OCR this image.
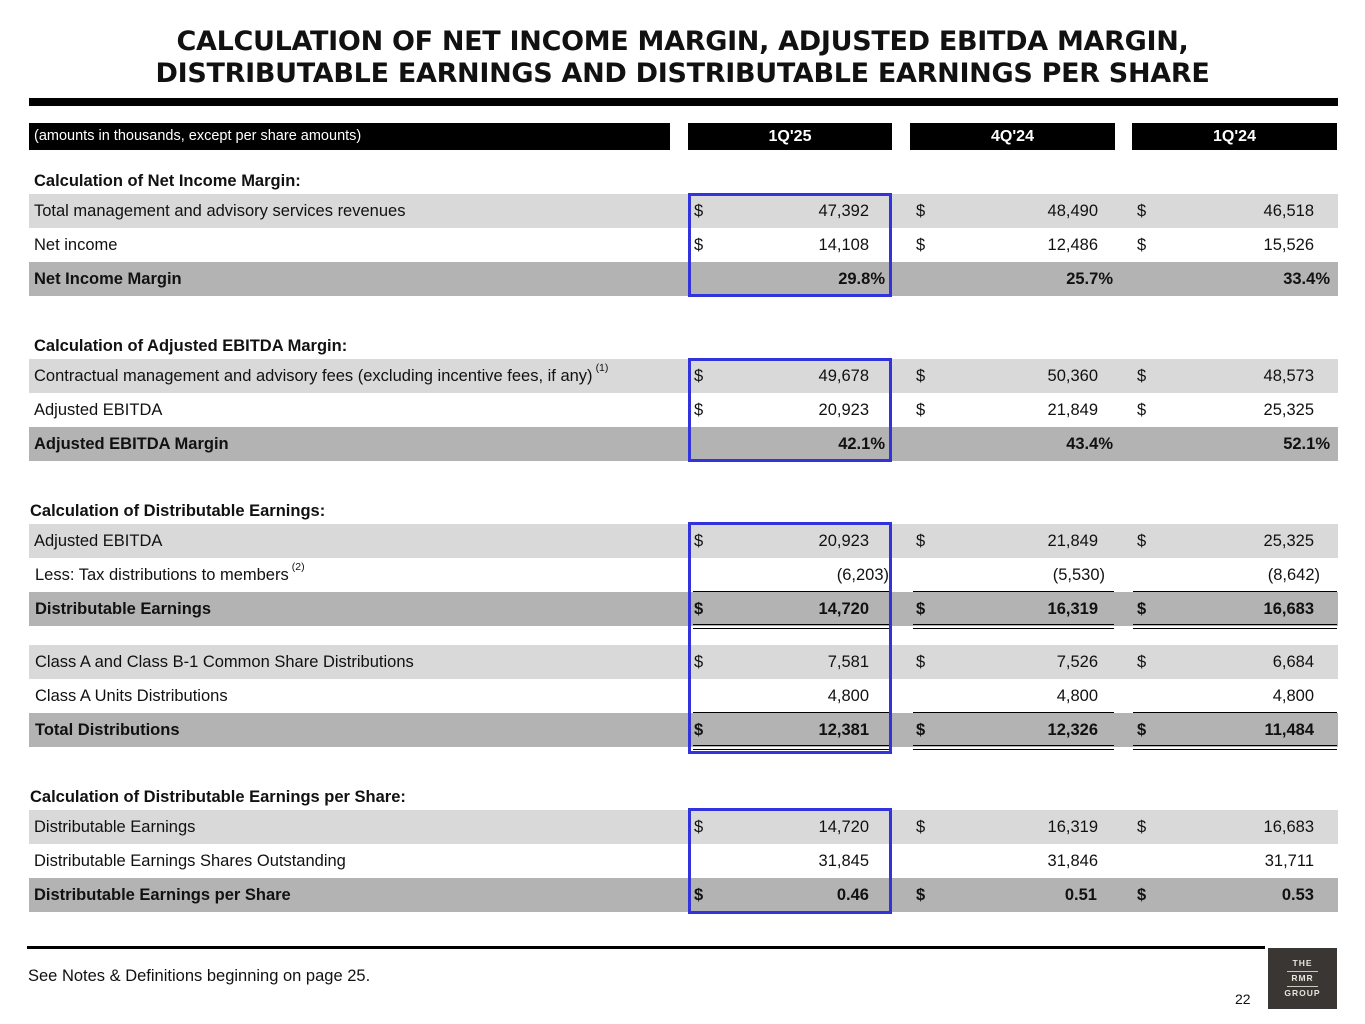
CALCULATION OF NET INCOME MARGIN, ADJUSTED EBITDA MARGIN,
DISTRIBUTABLE EARNINGS AND DISTRIBUTABLE EARNINGS PER SHARE
(amounts in thousands, except per share amounts)	1Q'25	4Q'24	1Q'24
Calculation of Net Income Margin:
Total management and advisory services revenues	$	47,392	$	48,490 $	46,518
Net income	$	14,108	$	12,486 $	15,526
Net Income Margin	29.8%	25.7%	33.4%
Calculation of Adjusted EBITDA Margin:
Contractual management and advisory fees (excluding incentive fees, if any) $^{(1)}$	$	49,678	$	50,360 $	48,573
Adjusted EBITDA	$	20,923	$	21,849 $	25,325
Adjusted EBITDA Margin	42.1%	43.4%	52.1%
Calculation of Distributable Earnings:
Adjusted EBITDA	$	20,923	$	21,849 $	25,325
Less: Tax distributions to members $^{(2)}$	(6,203)	(5,530)	(8,642)
Distributable Earnings	$	14,720	$	16,319 $	16,683
Class A and Class B-1 Common Share Distributions	$	7,581	$	7,526 $	6,684
Class A Units Distributions	4,800	4,800	4,800
Total Distributions	$	12,381	$	12,326 $	11,484
Calculation of Distributable Earnings per Share:
Distributable Earnings	$	14,720	$	16,319 $	16,683
Distributable Earnings Shares Outstanding	31,845	31,846	31,711
Distributable Earnings per Share	$	0.46	$	0.51 $	0.53
See Notes & Definitions beginning on page 25.
22
THE
RMR
GROUP
